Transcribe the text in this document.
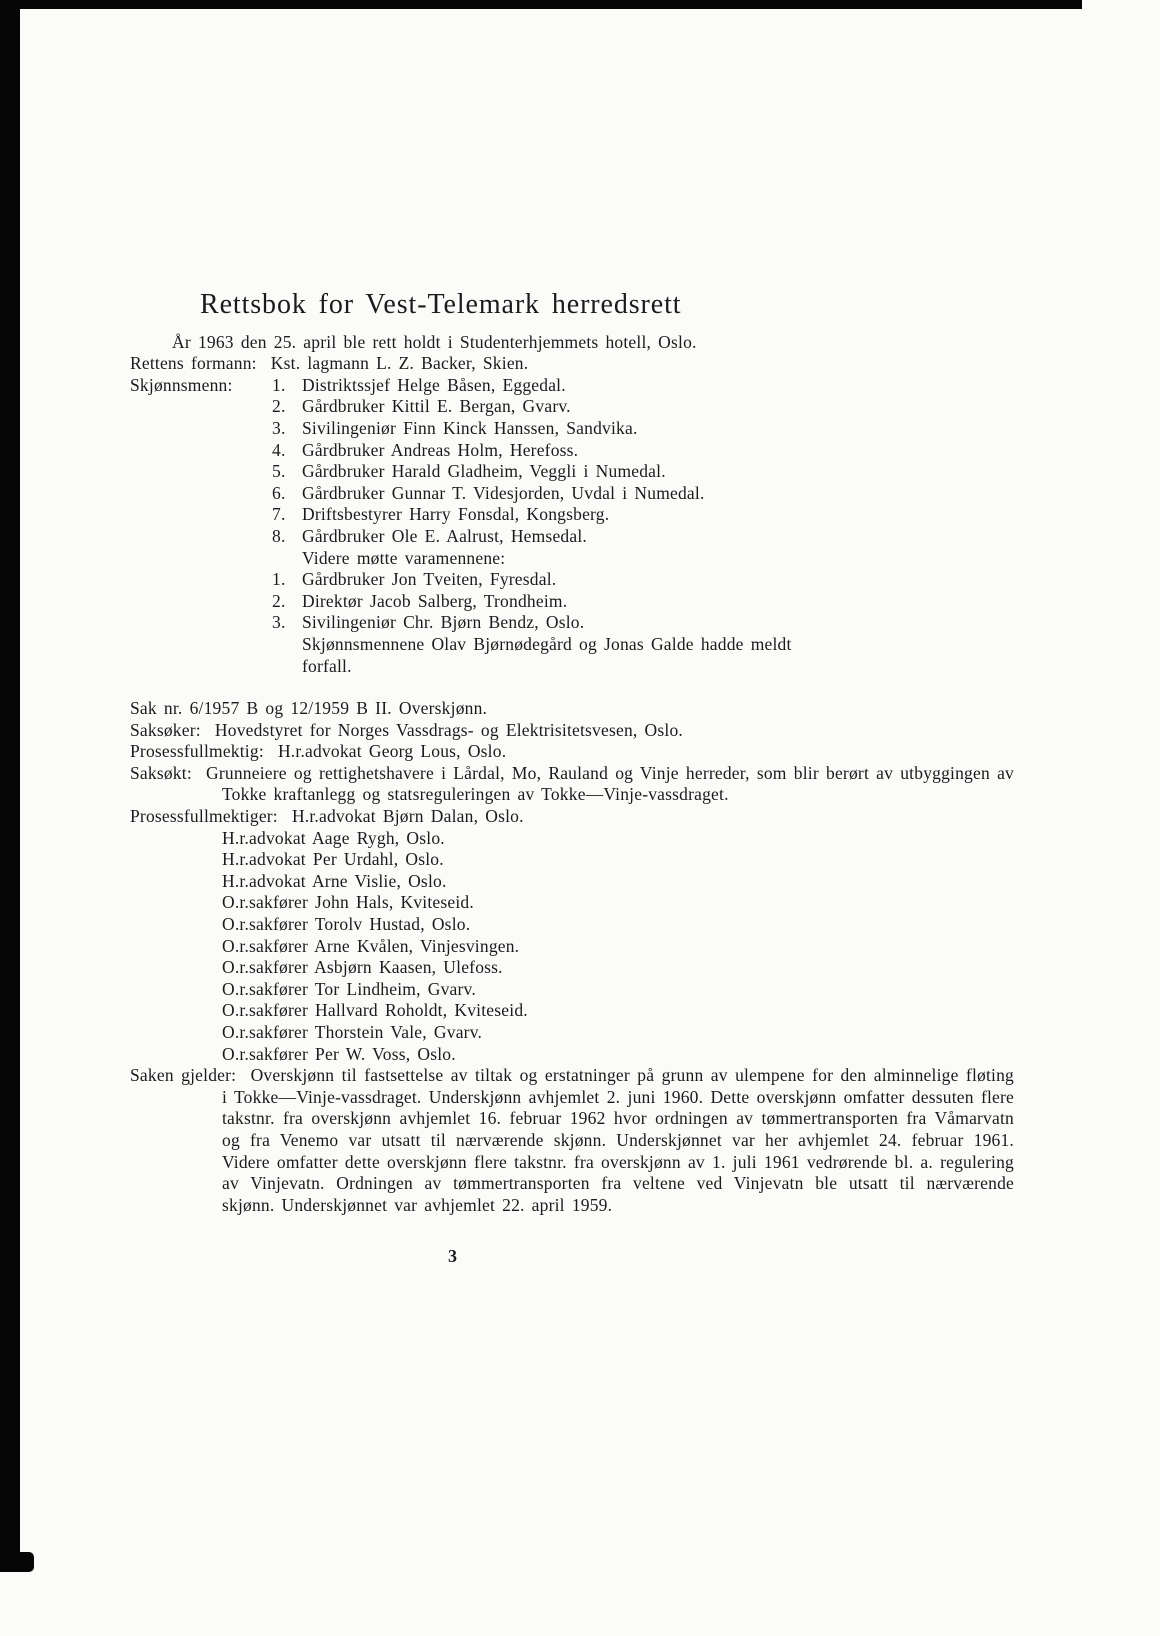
Rettsbok for Vest-Telemark herredsrett

År 1963 den 25. april ble rett holdt i Studenterhjemmets hotell, Oslo.

Rettens formann: Kst. lagmann L. Z. Backer, Skien.

Skjønnsmenn:	1. Distriktssjef Helge Båsen, Eggedal.
2. Gårdbruker Kittil E. Bergan, Gvarv.
3. Sivilingeniør Finn Kinck Hanssen, Sandvika.
4. Gårdbruker Andreas Holm, Herefoss.
5. Gårdbruker Harald Gladheim, Veggli i Numedal.
6. Gårdbruker Gunnar T. Videsjorden, Uvdal i Numedal.
7. Driftsbestyrer Harry Fonsdal, Kongsberg.
8. Gårdbruker Ole E. Aalrust, Hemsedal.

Videre møtte varamennene:

1. Gårdbruker Jon Tveiten, Fyresdal.
2. Direktør Jacob Salberg, Trondheim.
3. Sivilingeniør Chr. Bjørn Bendz, Oslo.

Skjønnsmennene Olav Bjørnødegård og Jonas Galde hadde meldt forfall.

Sak nr. 6/1957 B og 12/1959 B II. Overskjønn.

Saksøker: Hovedstyret for Norges Vassdrags- og Elektrisitetsvesen, Oslo.

Prosessfullmektig: H.r.advokat Georg Lous, Oslo.

Saksøkt: Grunneiere og rettighetshavere i Lårdal, Mo, Rauland og Vinje herreder, som blir berørt av utbyggingen av Tokke kraftanlegg og statsreguleringen av Tokke—Vinje-vassdraget.

Prosessfullmektiger: H.r.advokat Bjørn Dalan, Oslo.

H.r.advokat Aage Rygh, Oslo.

H.r.advokat Per Urdahl, Oslo.

H.r.advokat Arne Vislie, Oslo.

O.r.sakfører John Hals, Kviteseid.

O.r.sakfører Torolv Hustad, Oslo.

O.r.sakfører Arne Kvålen, Vinjesvingen.

O.r.sakfører Asbjørn Kaasen, Ulefoss.

O.r.sakfører Tor Lindheim, Gvarv.

O.r.sakfører Hallvard Roholdt, Kviteseid.

O.r.sakfører Thorstein Vale, Gvarv.

O.r.sakfører Per W. Voss, Oslo.

Saken gjelder: Overskjønn til fastsettelse av tiltak og erstatninger på grunn av ulempene for den alminnelige fløting i Tokke—Vinje-vassdraget. Underskjønn avhjemlet 2. juni 1960. Dette overskjønn omfatter dessuten flere takstnr. fra overskjønn avhjemlet 16. februar 1962 hvor ordningen av tømmertransporten fra Våmarvatn og fra Venemo var utsatt til nærværende skjønn. Underskjønnet var her avhjemlet 24. februar 1961. Videre omfatter dette overskjønn flere takstnr. fra overskjønn av 1. juli 1961 vedrørende bl. a. regulering av Vinjevatn. Ordningen av tømmertransporten fra veltene ved Vinjevatn ble utsatt til nærværende skjønn. Underskjønnet var avhjemlet 22. april 1959.

3
